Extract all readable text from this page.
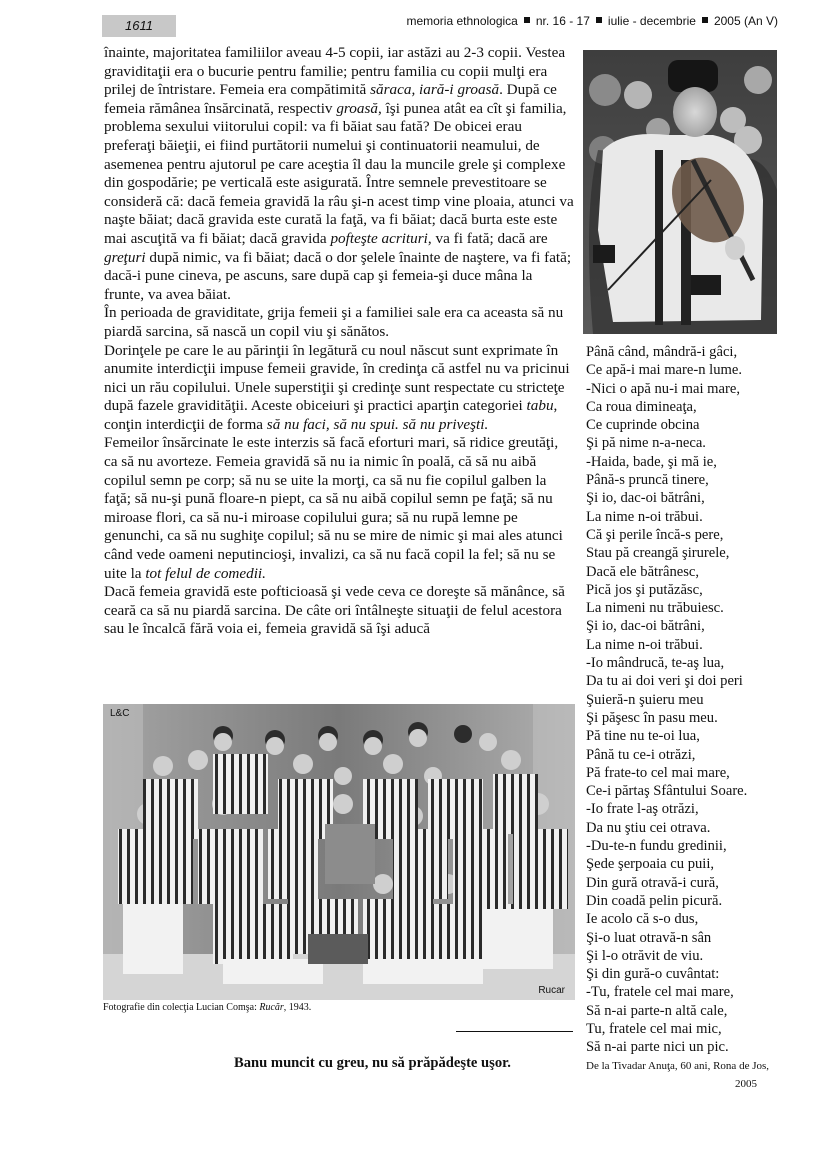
1611	memoria ethnologica nr. 16 - 17 iulie - decembrie 2005 (An V)

înainte, majoritatea familiilor aveau 4-5 copii, iar astăzi au 2-3 copii. Vestea graviditaţii era o bucurie pentru familie; pentru familia cu copii mulţi era prilej de întristare. Femeia era compătimită săraca, iară-i groasă. După ce femeia rămânea însărcinată, respectiv groasă, îşi punea atât ea cît şi familia, problema sexului viitorului copil: va fi băiat sau fată? De obicei erau preferaţi băieţii, ei fiind purtătorii numelui şi continuatorii neamului, de asemenea pentru ajutorul pe care aceştia îl dau la muncile grele şi complexe din gospodărie; pe verticală este asigurată. Între semnele prevestitoare se consideră că: dacă femeia gravidă la râu şi-n acest timp vine ploaia, atunci va naşte băiat; dacă gravida este curată la faţă, va fi băiat; dacă burta este este mai ascuţită va fi băiat; dacă gravida pofteşte acrituri, va fi fată; dacă are greţuri după nimic, va fi băiat; dacă o dor şelele înainte de naştere, va fi fată; dacă-i pune cineva, pe ascuns, sare după cap şi femeia-şi duce mâna la frunte, va avea băiat.

În perioada de graviditate, grija femeii şi a familiei sale era ca aceasta să nu piardă sarcina, să nască un copil viu şi sănătos.

Dorinţele pe care le au părinţii în legătură cu noul născut sunt exprimate în anumite interdicţii impuse femeii gravide, în credinţa că astfel nu va pricinui nici un rău copilului. Unele superstiţii şi credinţe sunt respectate cu stricteţe după fazele gravidităţii. Aceste obiceiuri şi practici aparţin categoriei tabu, conţin interdicţii de forma să nu faci, să nu spui. să nu priveşti.

Femeilor însărcinate le este interzis să facă eforturi mari, să ridice greutăţi, ca să nu avorteze. Femeia gravidă să nu ia nimic în poală, că să nu aibă copilul semn pe corp; să nu se uite la morţi, ca să nu fie copilul galben la faţă; să nu-şi pună floare-n piept, ca să nu aibă copilul semn pe faţă; să nu miroase flori, ca să nu-i miroase copilului gura; să nu rupă lemne pe genunchi, ca să nu sughiţe copilul; să nu se mire de nimic şi mai ales atunci când vede oameni neputincioşi, invalizi, ca să nu facă copil la fel; să nu se uite la tot felul de comedii.

Dacă femeia gravidă este pofticioasă şi vede ceva ce doreşte să mănânce, să ceară ca să nu piardă sarcina. De câte ori întâlneşte situaţii de felul acestora sau le încalcă fără voia ei, femeia gravidă să îşi aducă

Până când, mândră-i gâci,
Ce apă-i mai mare-n lume.
-Nici o apă nu-i mai mare,
Ca roua dimineaţa,
Ce cuprinde obcina
Şi pă nime n-a-neca.
-Haida, bade, şi mă ie,
Până-s pruncă tinere,
Şi io, dac-oi bătrâni,
La nime n-oi trăbui.
Că şi perile încă-s pere,
Stau pă creangă şirurele,
Dacă ele bătrânesc,
Pică jos şi putăzăsc,
La nimeni nu trăbuiesc.
Şi io, dac-oi bătrâni,
La nime n-oi trăbui.
-Io mândrucă, te-aş lua,
Da tu ai doi veri şi doi peri
Şuieră-n şuieru meu
Şi păşesc în pasu meu.
Pă tine nu te-oi lua,
Până tu ce-i otrăzi,
Pă frate-to cel mai mare,
Ce-i părtaş Sfântului Soare.
-Io frate l-aş otrăzi,
Da nu ştiu cei otrava.
-Du-te-n fundu gredinii,
Şede şerpoaia cu puii,
Din gură otravă-i cură,
Din coadă pelin picură.
Ie acolo că s-o dus,
Şi-o luat otravă-n sân
Şi l-o otrăvit de viu.
Şi din gură-o cuvântat:
-Tu, fratele cel mai mare,
Să n-ai parte-n altă cale,
Tu, fratele cel mai mic,
Să n-ai parte nici un pic.
De la Tivadar Anuţa, 60 ani, Rona de Jos,
2005
L&C
Rucar
Fotografie din colecţia Lucian Comşa: Rucăr, 1943.
Banu muncit cu greu, nu să prăpădeşte uşor.
